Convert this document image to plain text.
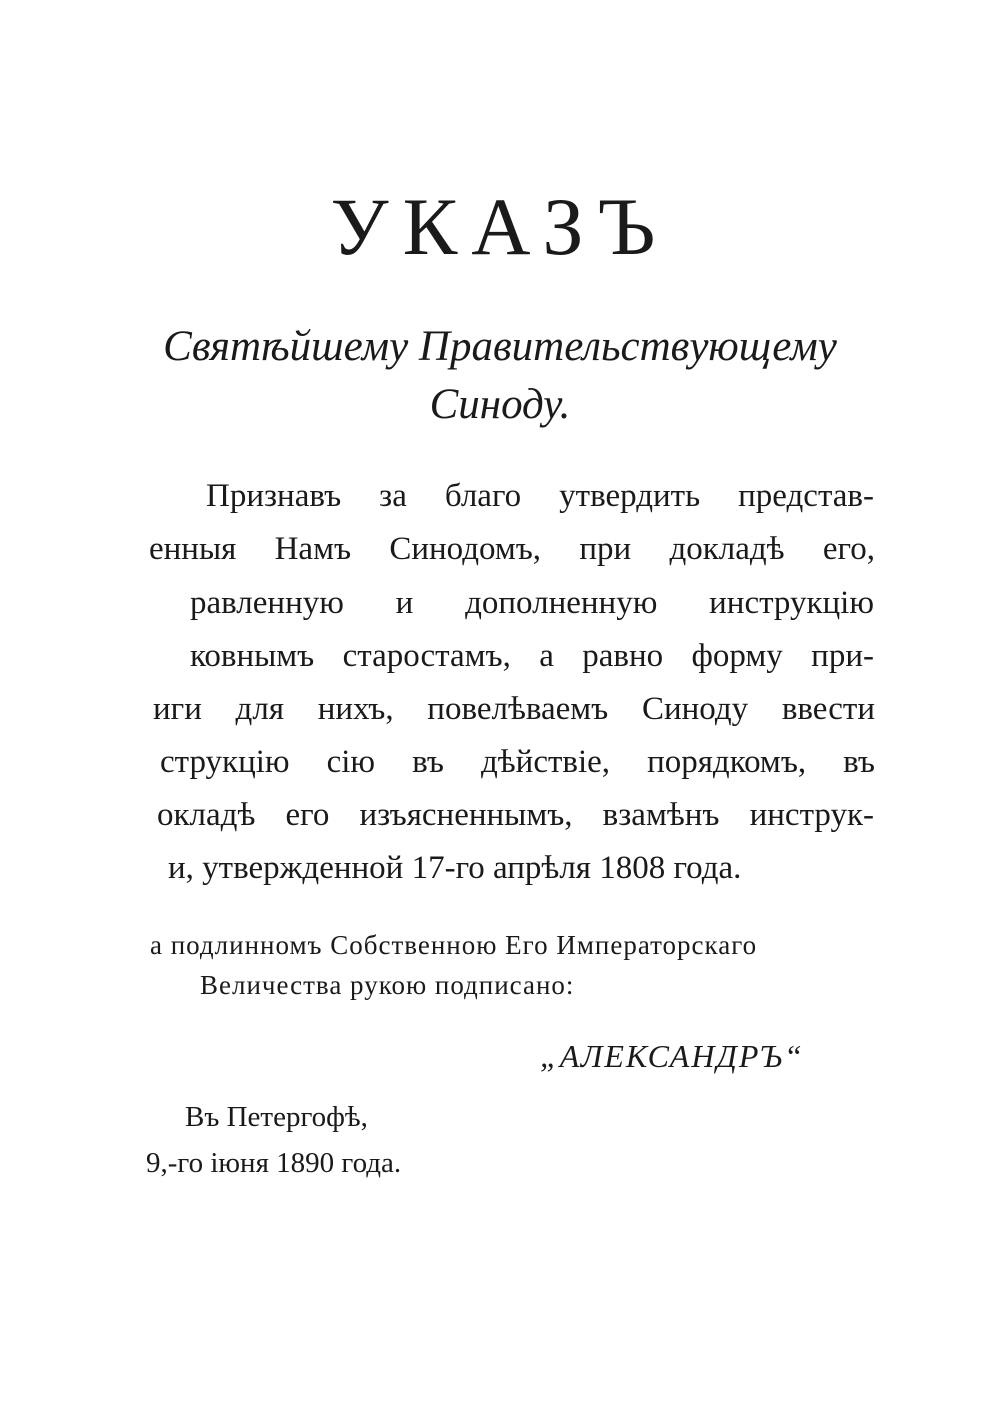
УКАЗЪ

Святѣйшему Правительствующему

Синоду.

Признавъ за благо утвердить представ-

енныя Намъ Синодомъ, при докладѣ его,

равленную и дополненную инструкцію

ковнымъ старостамъ, а равно форму при-

иги для нихъ, повелѣваемъ Синоду ввести

струкцію сію въ дѣйствіе, порядкомъ, въ

окладѣ его изъясненнымъ, взамѣнъ инструк-

и, утвержденной 17-го апрѣля 1808 года.

а подлинномъ Собственною Его Императорскаго

Величества рукою подписано:

„АЛЕКСАНДРЪ“

Въ Петергофѣ,

9,-го іюня 1890 года.
